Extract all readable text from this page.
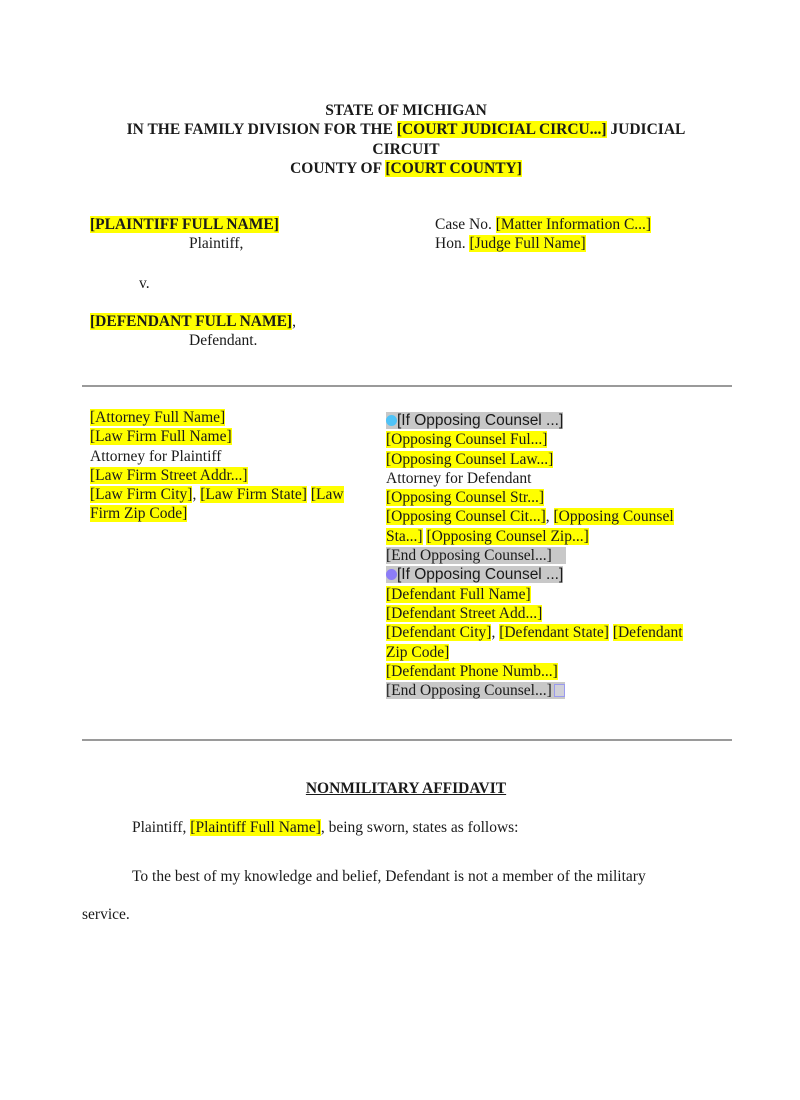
STATE OF MICHIGAN
IN THE FAMILY DIVISION FOR THE [COURT JUDICIAL CIRCU...] JUDICIAL
CIRCUIT
COUNTY OF [COURT COUNTY]
[PLAINTIFF FULL NAME]
Plaintiff,
v.
[DEFENDANT FULL NAME],
Defendant.
Case No. [Matter Information C...]
Hon. [Judge Full Name]
[Attorney Full Name]
[Law Firm Full Name]
Attorney for Plaintiff
[Law Firm Street Addr...]
[Law Firm City], [Law Firm State] [Law
Firm Zip Code]
[If Opposing Counsel ...]
[Opposing Counsel Ful...]
[Opposing Counsel Law...]
Attorney for Defendant
[Opposing Counsel Str...]
[Opposing Counsel Cit...], [Opposing Counsel
Sta...] [Opposing Counsel Zip...]
[End Opposing Counsel...]
[If Opposing Counsel ...]
[Defendant Full Name]
[Defendant Street Add...]
[Defendant City], [Defendant State] [Defendant
Zip Code]
[Defendant Phone Numb...]
[End Opposing Counsel...]
NONMILITARY AFFIDAVIT
Plaintiff, [Plaintiff Full Name], being sworn, states as follows:
To the best of my knowledge and belief, Defendant is not a member of the military
service.
